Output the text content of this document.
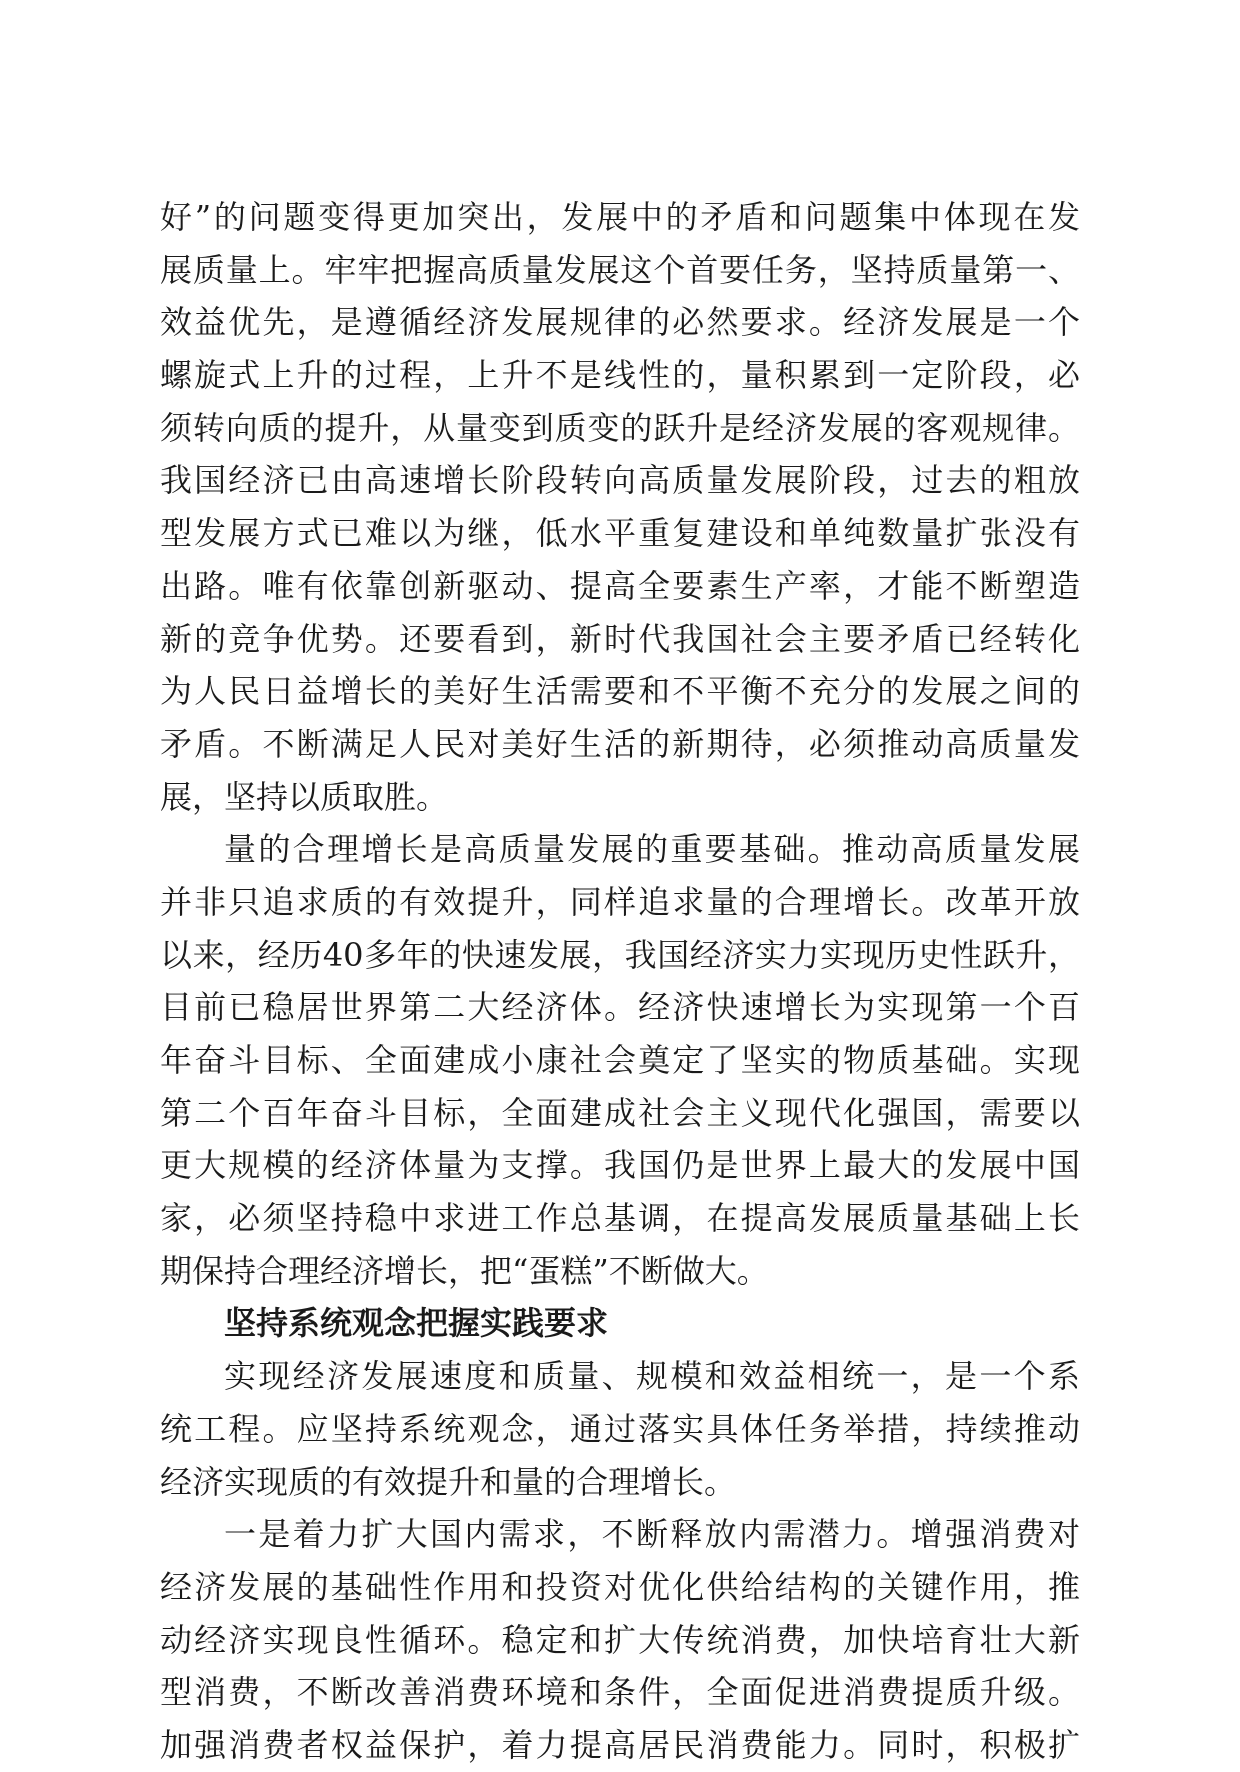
好”的问题变得更加突出，发展中的矛盾和问题集中体现在发
展质量上。牢牢把握高质量发展这个首要任务，坚持质量第一、
效益优先，是遵循经济发展规律的必然要求。经济发展是一个
螺旋式上升的过程，上升不是线性的，量积累到一定阶段，必
须转向质的提升，从量变到质变的跃升是经济发展的客观规律。
我国经济已由高速增长阶段转向高质量发展阶段，过去的粗放
型发展方式已难以为继，低水平重复建设和单纯数量扩张没有
出路。唯有依靠创新驱动、提高全要素生产率，才能不断塑造
新的竞争优势。还要看到，新时代我国社会主要矛盾已经转化
为人民日益增长的美好生活需要和不平衡不充分的发展之间的
矛盾。不断满足人民对美好生活的新期待，必须推动高质量发
展，坚持以质取胜。
量的合理增长是高质量发展的重要基础。推动高质量发展
并非只追求质的有效提升，同样追求量的合理增长。改革开放
以来，经历40多年的快速发展，我国经济实力实现历史性跃升，
目前已稳居世界第二大经济体。经济快速增长为实现第一个百
年奋斗目标、全面建成小康社会奠定了坚实的物质基础。实现
第二个百年奋斗目标，全面建成社会主义现代化强国，需要以
更大规模的经济体量为支撑。我国仍是世界上最大的发展中国
家，必须坚持稳中求进工作总基调，在提高发展质量基础上长
期保持合理经济增长，把“蛋糕”不断做大。
坚持系统观念把握实践要求
实现经济发展速度和质量、规模和效益相统一，是一个系
统工程。应坚持系统观念，通过落实具体任务举措，持续推动
经济实现质的有效提升和量的合理增长。
一是着力扩大国内需求，不断释放内需潜力。增强消费对
经济发展的基础性作用和投资对优化供给结构的关键作用，推
动经济实现良性循环。稳定和扩大传统消费，加快培育壮大新
型消费，不断改善消费环境和条件，全面促进消费提质升级。
加强消费者权益保护，着力提高居民消费能力。同时，积极扩
